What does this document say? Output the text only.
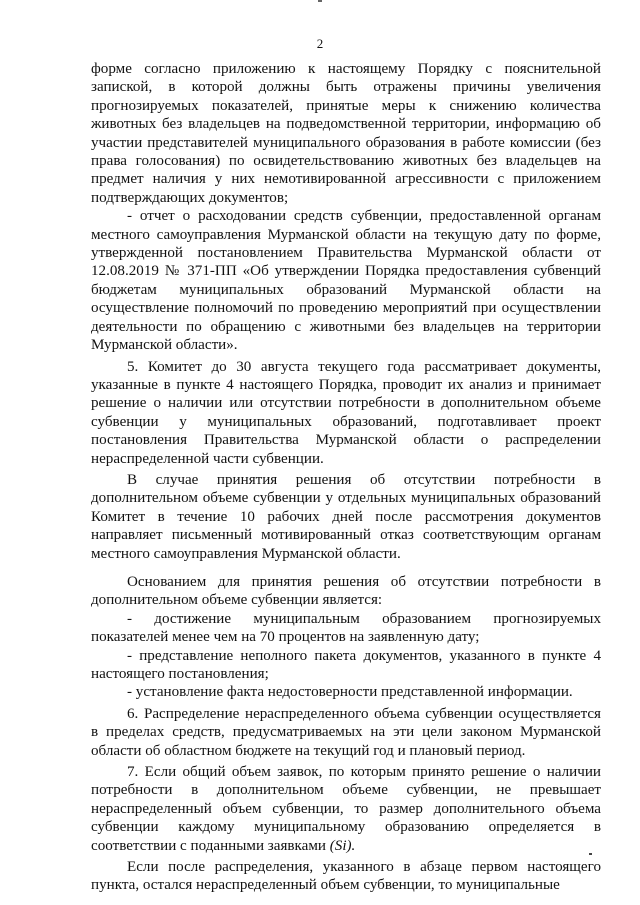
2

форме согласно приложению к настоящему Порядку с пояснительной запиской, в которой должны быть отражены причины увеличения прогнозируемых показателей, принятые меры к снижению количества животных без владельцев на подведомственной территории, информацию об участии представителей муниципального образования в работе комиссии (без права голосования) по освидетельствованию животных без владельцев на предмет наличия у них немотивированной агрессивности с приложением подтверждающих документов;

- отчет о расходовании средств субвенции, предоставленной органам местного самоуправления Мурманской области на текущую дату по форме, утвержденной постановлением Правительства Мурманской области от 12.08.2019 № 371-ПП «Об утверждении Порядка предоставления субвенций бюджетам муниципальных образований Мурманской области на осуществление полномочий по проведению мероприятий при осуществлении деятельности по обращению с животными без владельцев на территории Мурманской области».

5. Комитет до 30 августа текущего года рассматривает документы, указанные в пункте 4 настоящего Порядка, проводит их анализ и принимает решение о наличии или отсутствии потребности в дополнительном объеме субвенции у муниципальных образований, подготавливает проект постановления Правительства Мурманской области о распределении нераспределенной части субвенции.

В случае принятия решения об отсутствии потребности в дополнительном объеме субвенции у отдельных муниципальных образований Комитет в течение 10 рабочих дней после рассмотрения документов направляет письменный мотивированный отказ соответствующим органам местного самоуправления Мурманской области.

Основанием для принятия решения об отсутствии потребности в дополнительном объеме субвенции является:

- достижение муниципальным образованием прогнозируемых показателей менее чем на 70 процентов на заявленную дату;

- представление неполного пакета документов, указанного в пункте 4 настоящего постановления;

- установление факта недостоверности представленной информации.

6. Распределение нераспределенного объема субвенции осуществляется в пределах средств, предусматриваемых на эти цели законом Мурманской области об областном бюджете на текущий год и плановый период.

7. Если общий объем заявок, по которым принято решение о наличии потребности в дополнительном объеме субвенции, не превышает нераспределенный объем субвенции, то размер дополнительного объема субвенции каждому муниципальному образованию определяется в соответствии с поданными заявками (Si).

Если после распределения, указанного в абзаце первом настоящего пункта, остался нераспределенный объем субвенции, то муниципальные
